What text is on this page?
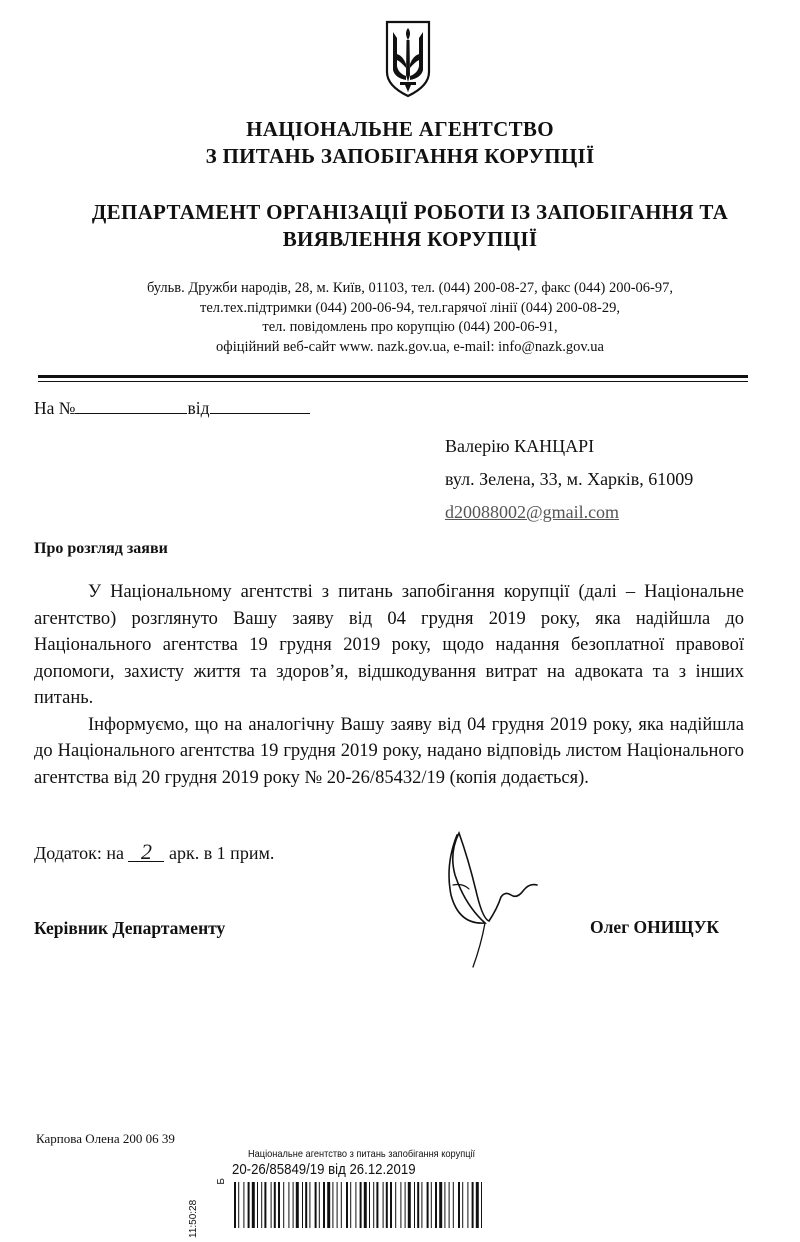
НАЦІОНАЛЬНЕ АГЕНТСТВО
З ПИТАНЬ ЗАПОБІГАННЯ КОРУПЦІЇ
ДЕПАРТАМЕНТ ОРГАНІЗАЦІЇ РОБОТИ ІЗ ЗАПОБІГАННЯ ТА
ВИЯВЛЕННЯ КОРУПЦІЇ
бульв. Дружби народів, 28, м. Київ, 01103, тел. (044) 200-08-27, факс (044) 200-06-97,
тел.тех.підтримки (044) 200-06-94, тел.гарячої лінії (044) 200-08-29,
тел. повідомлень про корупцію (044) 200-06-91,
офіційний веб-сайт www. nazk.gov.ua, e-mail: info@nazk.gov.ua
На №	від
Валерію КАНЦАРІ
вул. Зелена, 33, м. Харків, 61009
d20088002@gmail.com
Про розгляд заяви

У Національному агентстві з питань запобігання корупції (далі – Національне агентство) розглянуто Вашу заяву від 04 грудня 2019 року, яка надійшла до Національного агентства 19 грудня 2019 року, щодо надання безоплатної правової допомоги, захисту життя та здоров’я, відшкодування витрат на адвоката та з інших питань.

Інформуємо, що на аналогічну Вашу заяву від 04 грудня 2019 року, яка надійшла до Національного агентства 19 грудня 2019 року, надано відповідь листом Національного агентства від 20 грудня 2019 року № 20-26/85432/19 (копія додається).

Додаток: на 2 арк. в 1 прим.
Керівник Департаменту	Олег ОНИЩУК
Карпова Олена 200 06 39
Національне агентство з питань запобігання корупції
20-26/85849/19 від 26.12.2019
11:50:28
Б
